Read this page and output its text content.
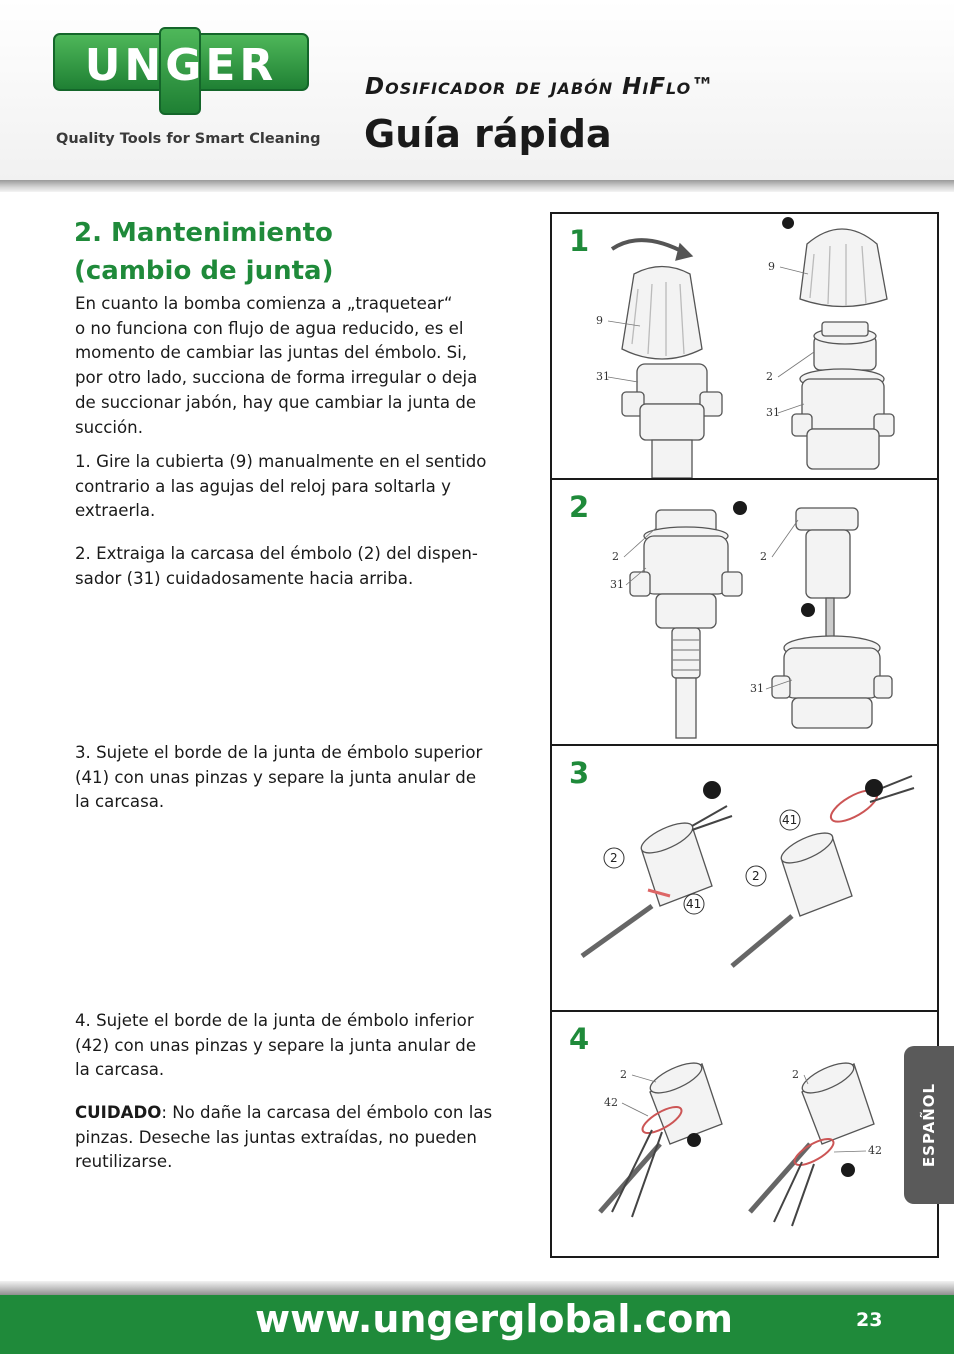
UNGER
Quality Tools for Smart Cleaning
Dosificador de jabón HiFlo™
Guía rápida
2. Mantenimiento
(cambio de junta)

En cuanto la bomba comienza a „traquetear“
o no funciona con flujo de agua reducido, es el
momento de cambiar las juntas del émbolo. Si,
por otro lado, succiona de forma irregular o deja
de succionar jabón, hay que cambiar la junta de
succión.

1. Gire la cubierta (9) manualmente en el sentido
contrario a las agujas del reloj para soltarla y
extraerla.

2. Extraiga la carcasa del émbolo (2) del dispen-
sador (31) cuidadosamente hacia arriba.

3. Sujete el borde de la junta de émbolo superior
(41) con unas pinzas y separe la junta anular de
la carcasa.

4. Sujete el borde de la junta de émbolo inferior
(42) con unas pinzas y separe la junta anular de
la carcasa.

CUIDADO: No dañe la carcasa del émbolo con las
pinzas. Deseche las juntas extraídas, no pueden
reutilizarse.

9
31
9
2
31
1
2
31
2
31
2
2
41
41
2
3
2
42
2
42
4
ESPAÑOL
www.ungerglobal.com	23
